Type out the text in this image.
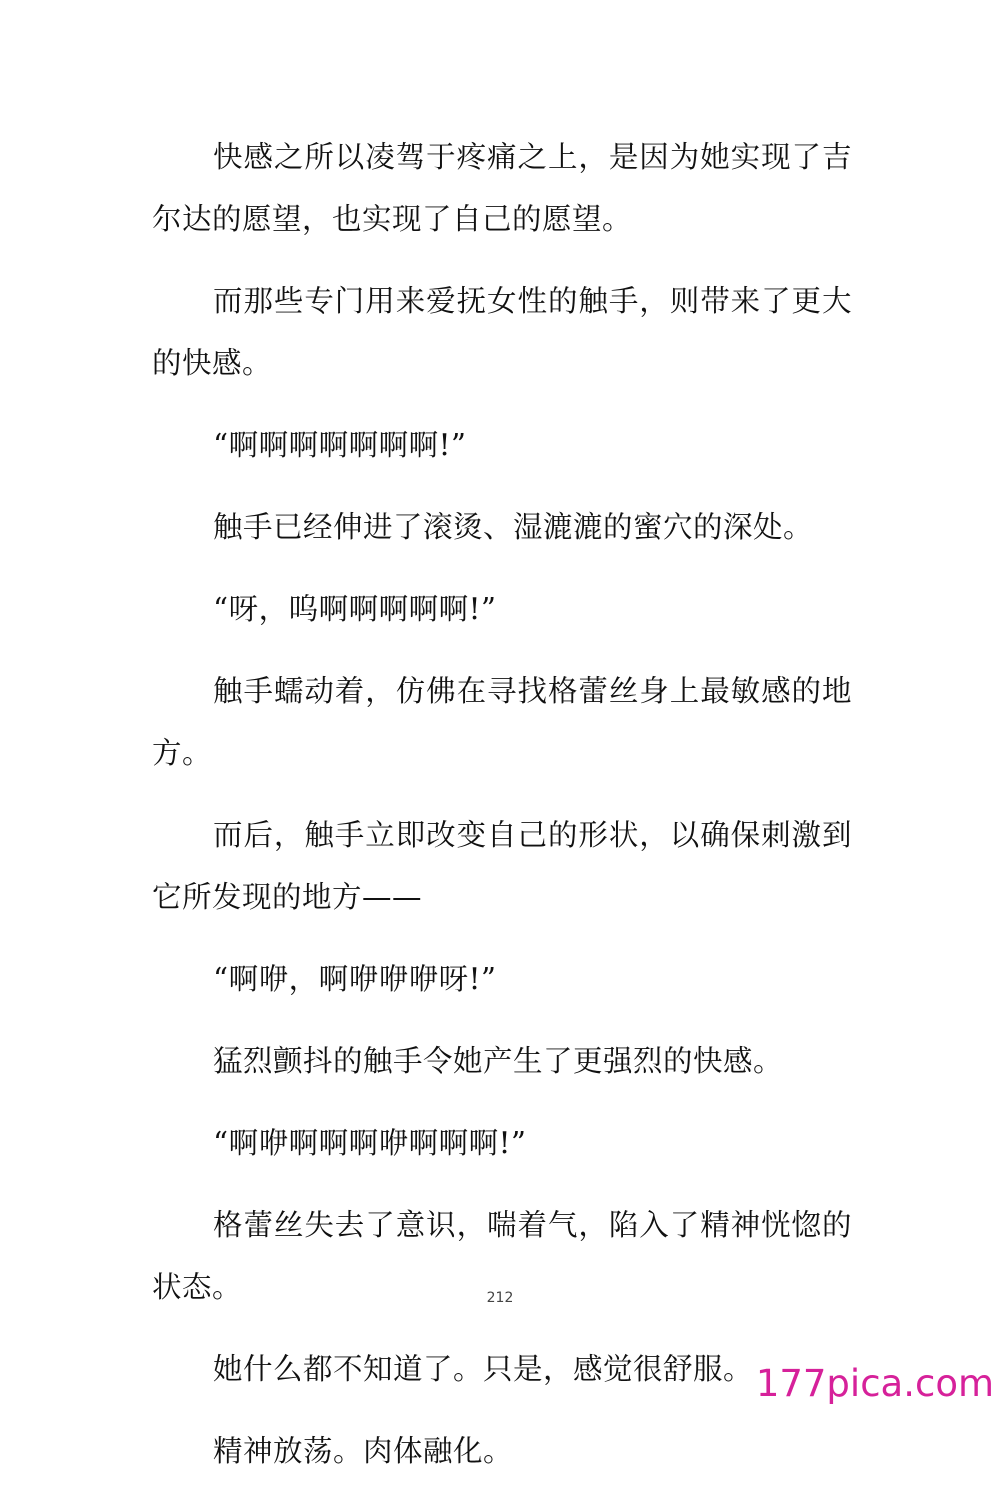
快感之所以凌驾于疼痛之上，是因为她实现了吉尔达的愿望，也实现了自己的愿望。

而那些专门用来爱抚女性的触手，则带来了更大的快感。

“啊啊啊啊啊啊啊!”

触手已经伸进了滚烫、湿漉漉的蜜穴的深处。

“呀，呜啊啊啊啊啊!”

触手蠕动着，仿佛在寻找格蕾丝身上最敏感的地方。

而后，触手立即改变自己的形状，以确保刺激到它所发现的地方——

“啊咿，啊咿咿咿呀!”

猛烈颤抖的触手令她产生了更强烈的快感。

“啊咿啊啊啊咿啊啊啊!”

格蕾丝失去了意识，喘着气，陷入了精神恍惚的状态。

她什么都不知道了。只是，感觉很舒服。

精神放荡。肉体融化。

212
177pica.com
